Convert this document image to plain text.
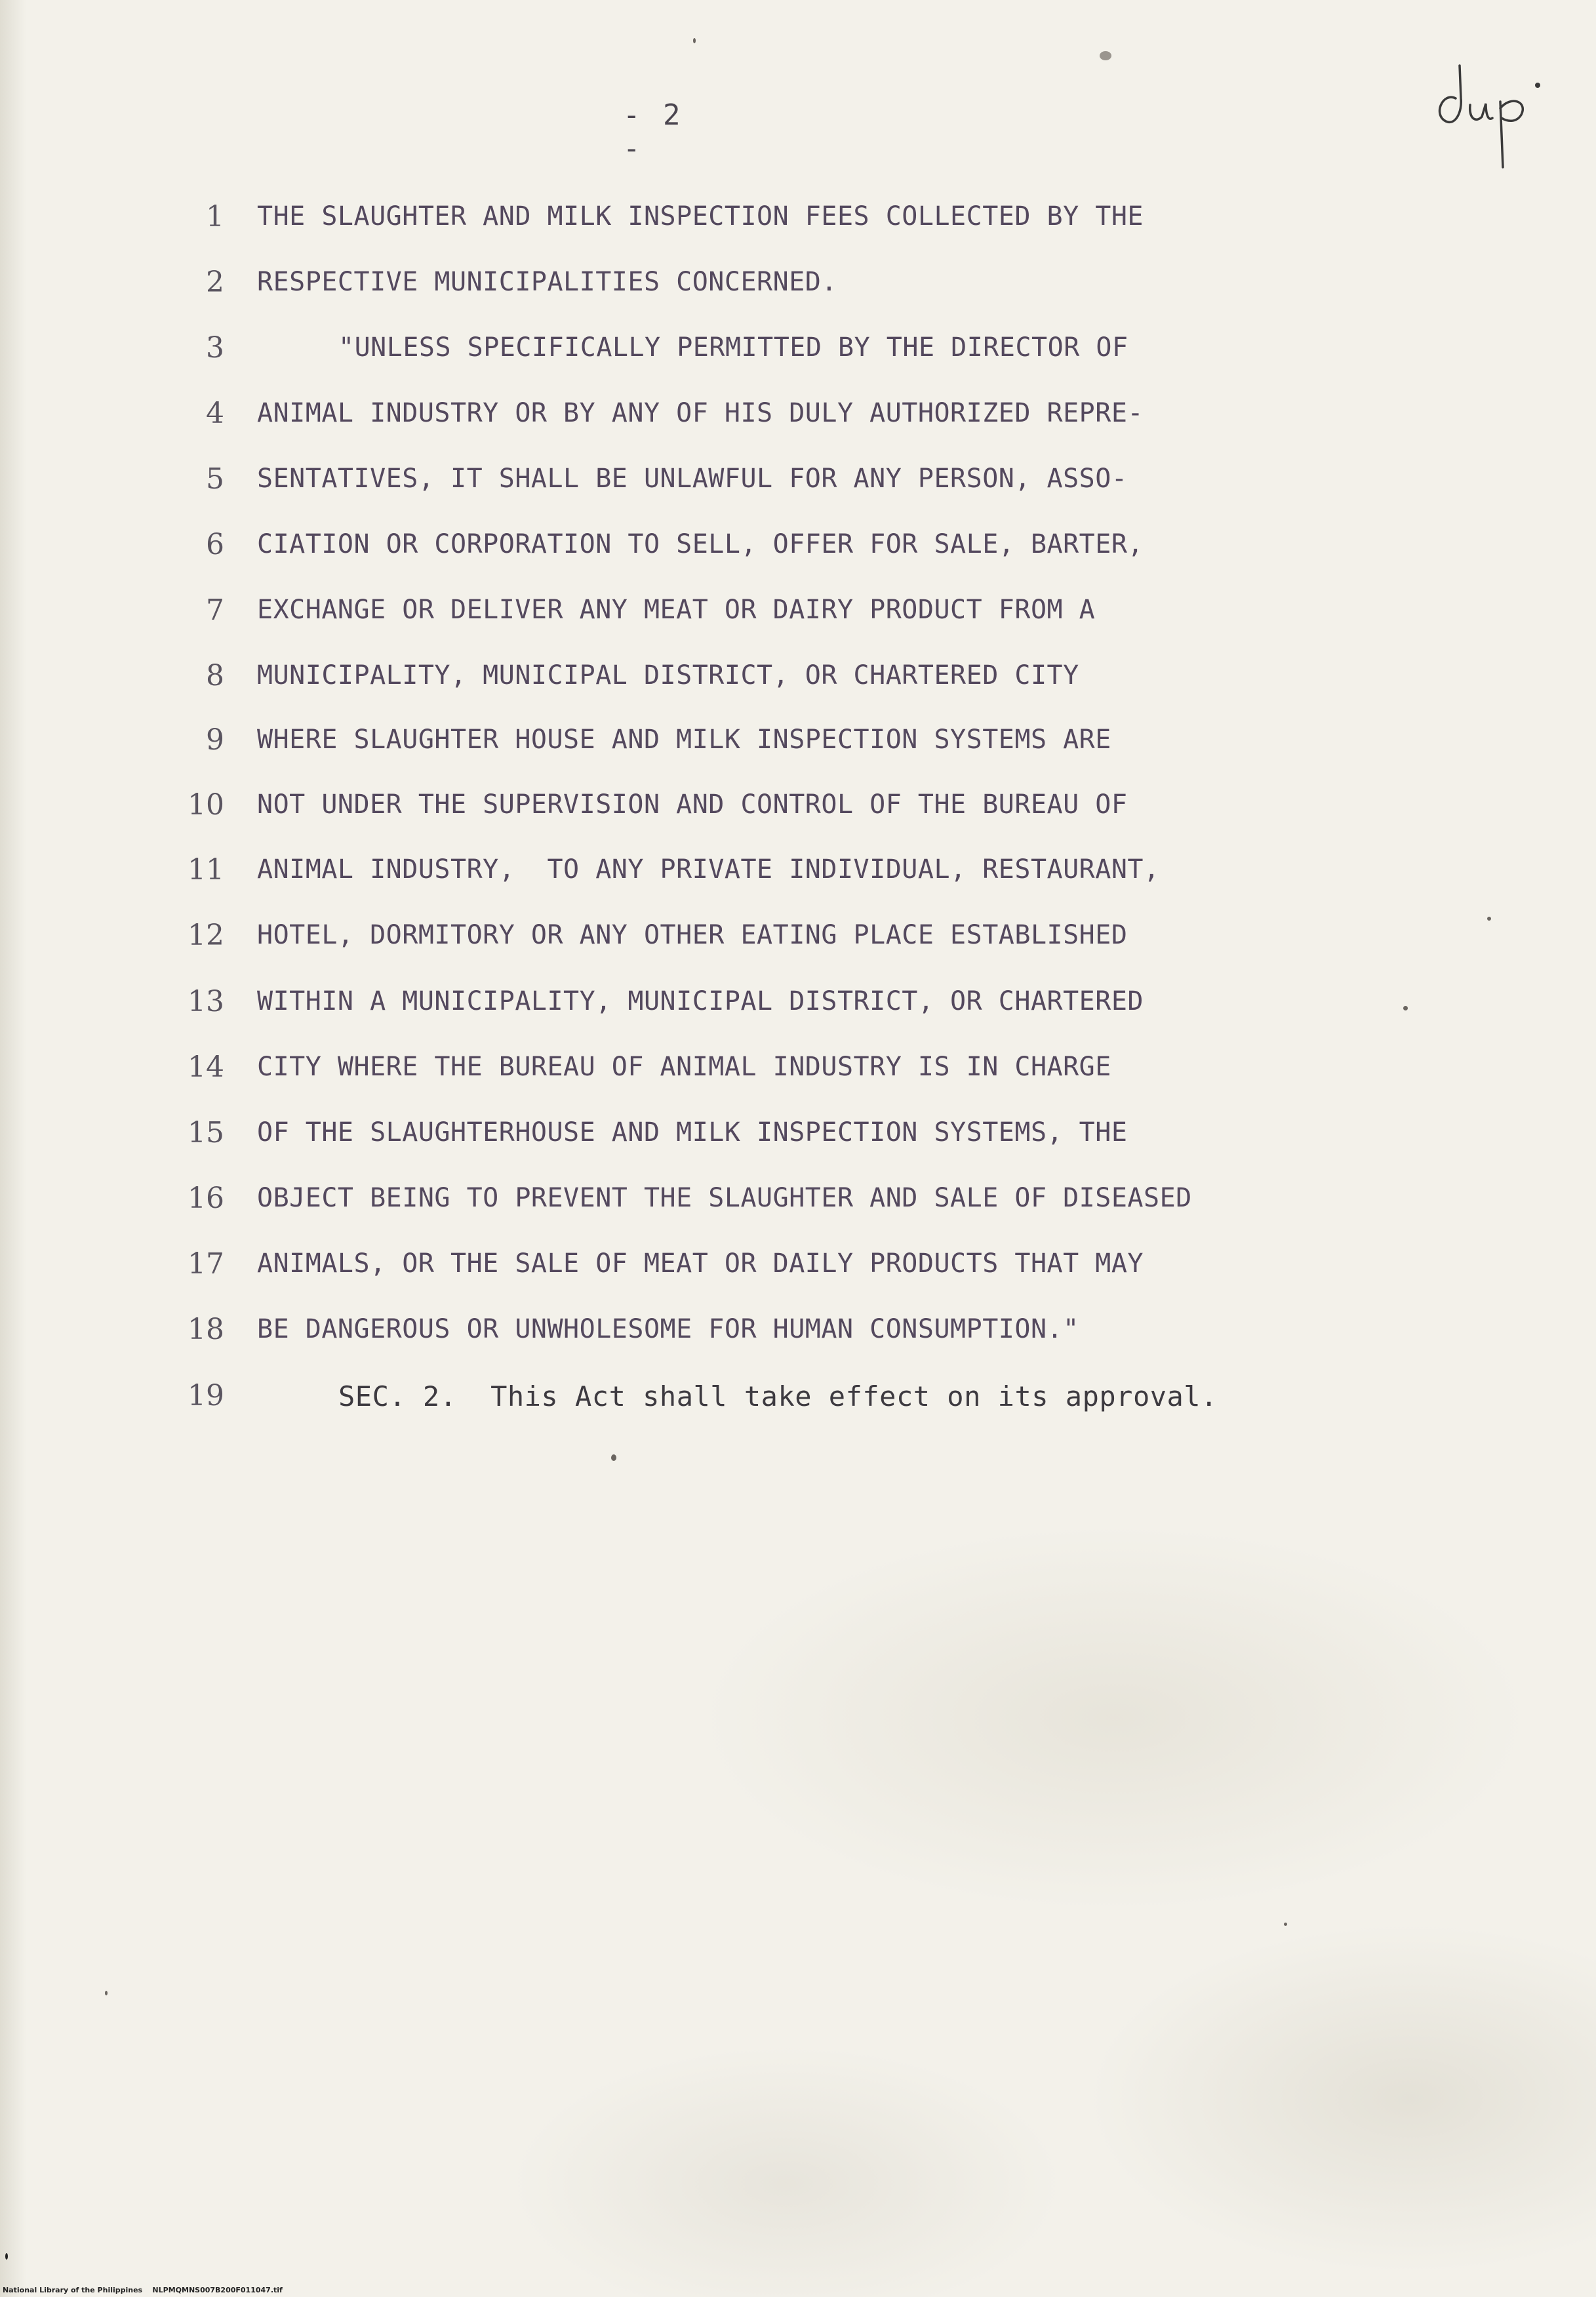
- 2 -
1 THE SLAUGHTER AND MILK INSPECTION FEES COLLECTED BY THE
2 RESPECTIVE MUNICIPALITIES CONCERNED.
3	"UNLESS SPECIFICALLY PERMITTED BY THE DIRECTOR OF
4 ANIMAL INDUSTRY OR BY ANY OF HIS DULY AUTHORIZED REPRE-
5 SENTATIVES, IT SHALL BE UNLAWFUL FOR ANY PERSON, ASSO-
6 CIATION OR CORPORATION TO SELL, OFFER FOR SALE, BARTER,
7 EXCHANGE OR DELIVER ANY MEAT OR DAIRY PRODUCT FROM A
8 MUNICIPALITY, MUNICIPAL DISTRICT, OR CHARTERED CITY
9 WHERE SLAUGHTER HOUSE AND MILK INSPECTION SYSTEMS ARE
10 NOT UNDER THE SUPERVISION AND CONTROL OF THE BUREAU OF
11 ANIMAL INDUSTRY,  TO ANY PRIVATE INDIVIDUAL, RESTAURANT,
12 HOTEL, DORMITORY OR ANY OTHER EATING PLACE ESTABLISHED
13 WITHIN A MUNICIPALITY, MUNICIPAL DISTRICT, OR CHARTERED
14 CITY WHERE THE BUREAU OF ANIMAL INDUSTRY IS IN CHARGE
15 OF THE SLAUGHTERHOUSE AND MILK INSPECTION SYSTEMS, THE
16 OBJECT BEING TO PREVENT THE SLAUGHTER AND SALE OF DISEASED
17 ANIMALS, OR THE SALE OF MEAT OR DAILY PRODUCTS THAT MAY
18 BE DANGEROUS OR UNWHOLESOME FOR HUMAN CONSUMPTION."
19	SEC. 2.  This Act shall take effect on its approval.
National Library of the Philippines    NLPMQMNS007B200F011047.tif
